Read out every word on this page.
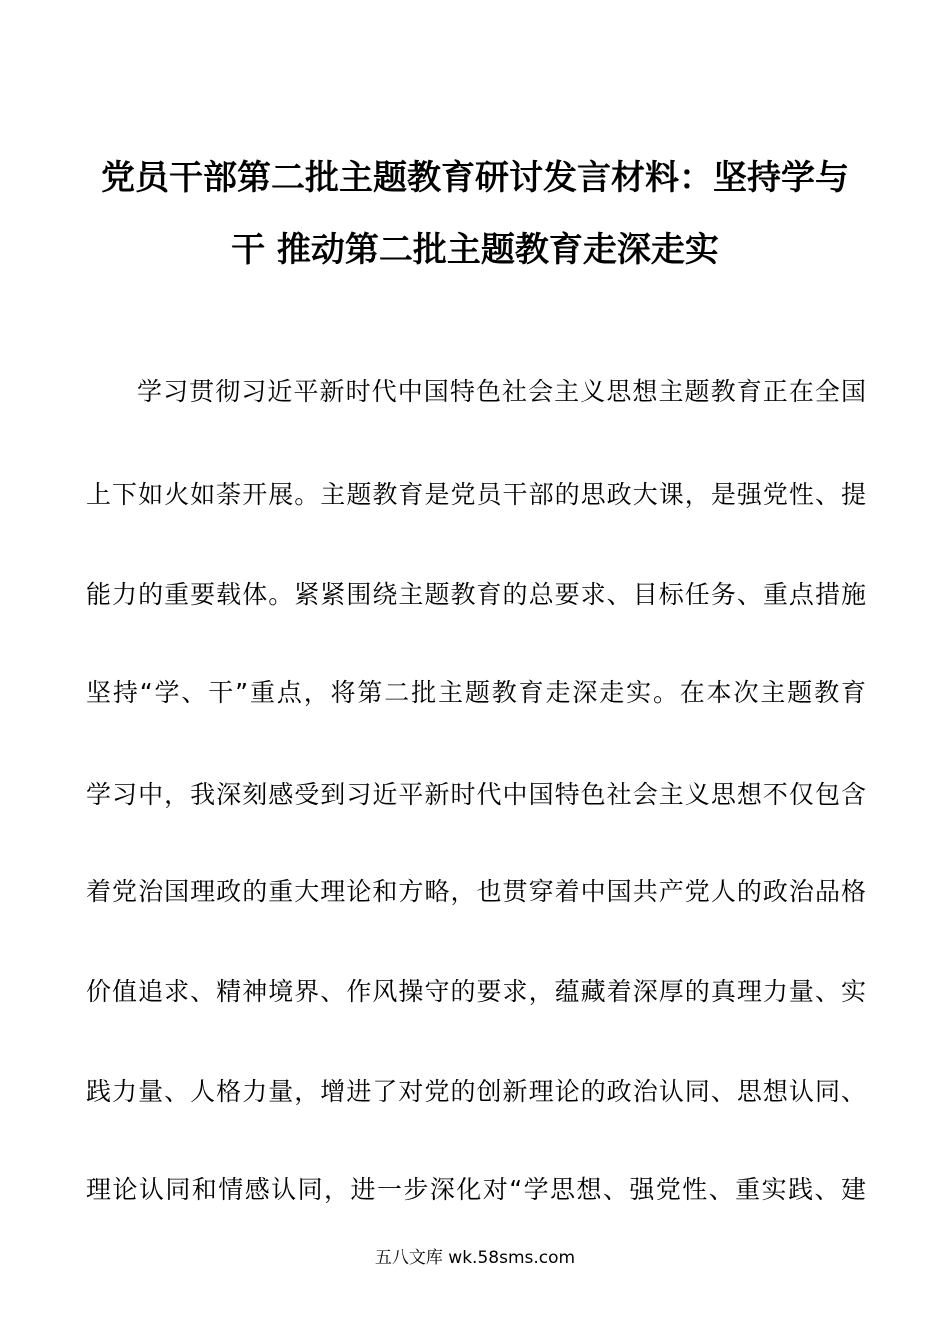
党员干部第二批主题教育研讨发言材料：坚持学与
干 推动第二批主题教育走深走实
学习贯彻习近平新时代中国特色社会主义思想主题教育正在全国
上下如火如荼开展。主题教育是党员干部的思政大课，是强党性、提
能力的重要载体。紧紧围绕主题教育的总要求、目标任务、重点措施
坚持“学、干”重点，将第二批主题教育走深走实。在本次主题教育
学习中，我深刻感受到习近平新时代中国特色社会主义思想不仅包含
着党治国理政的重大理论和方略，也贯穿着中国共产党人的政治品格
价值追求、精神境界、作风操守的要求，蕴藏着深厚的真理力量、实
践力量、人格力量，增进了对党的创新理论的政治认同、思想认同、
理论认同和情感认同，进一步深化对“学思想、强党性、重实践、建
五八文库 wk.58sms.com
